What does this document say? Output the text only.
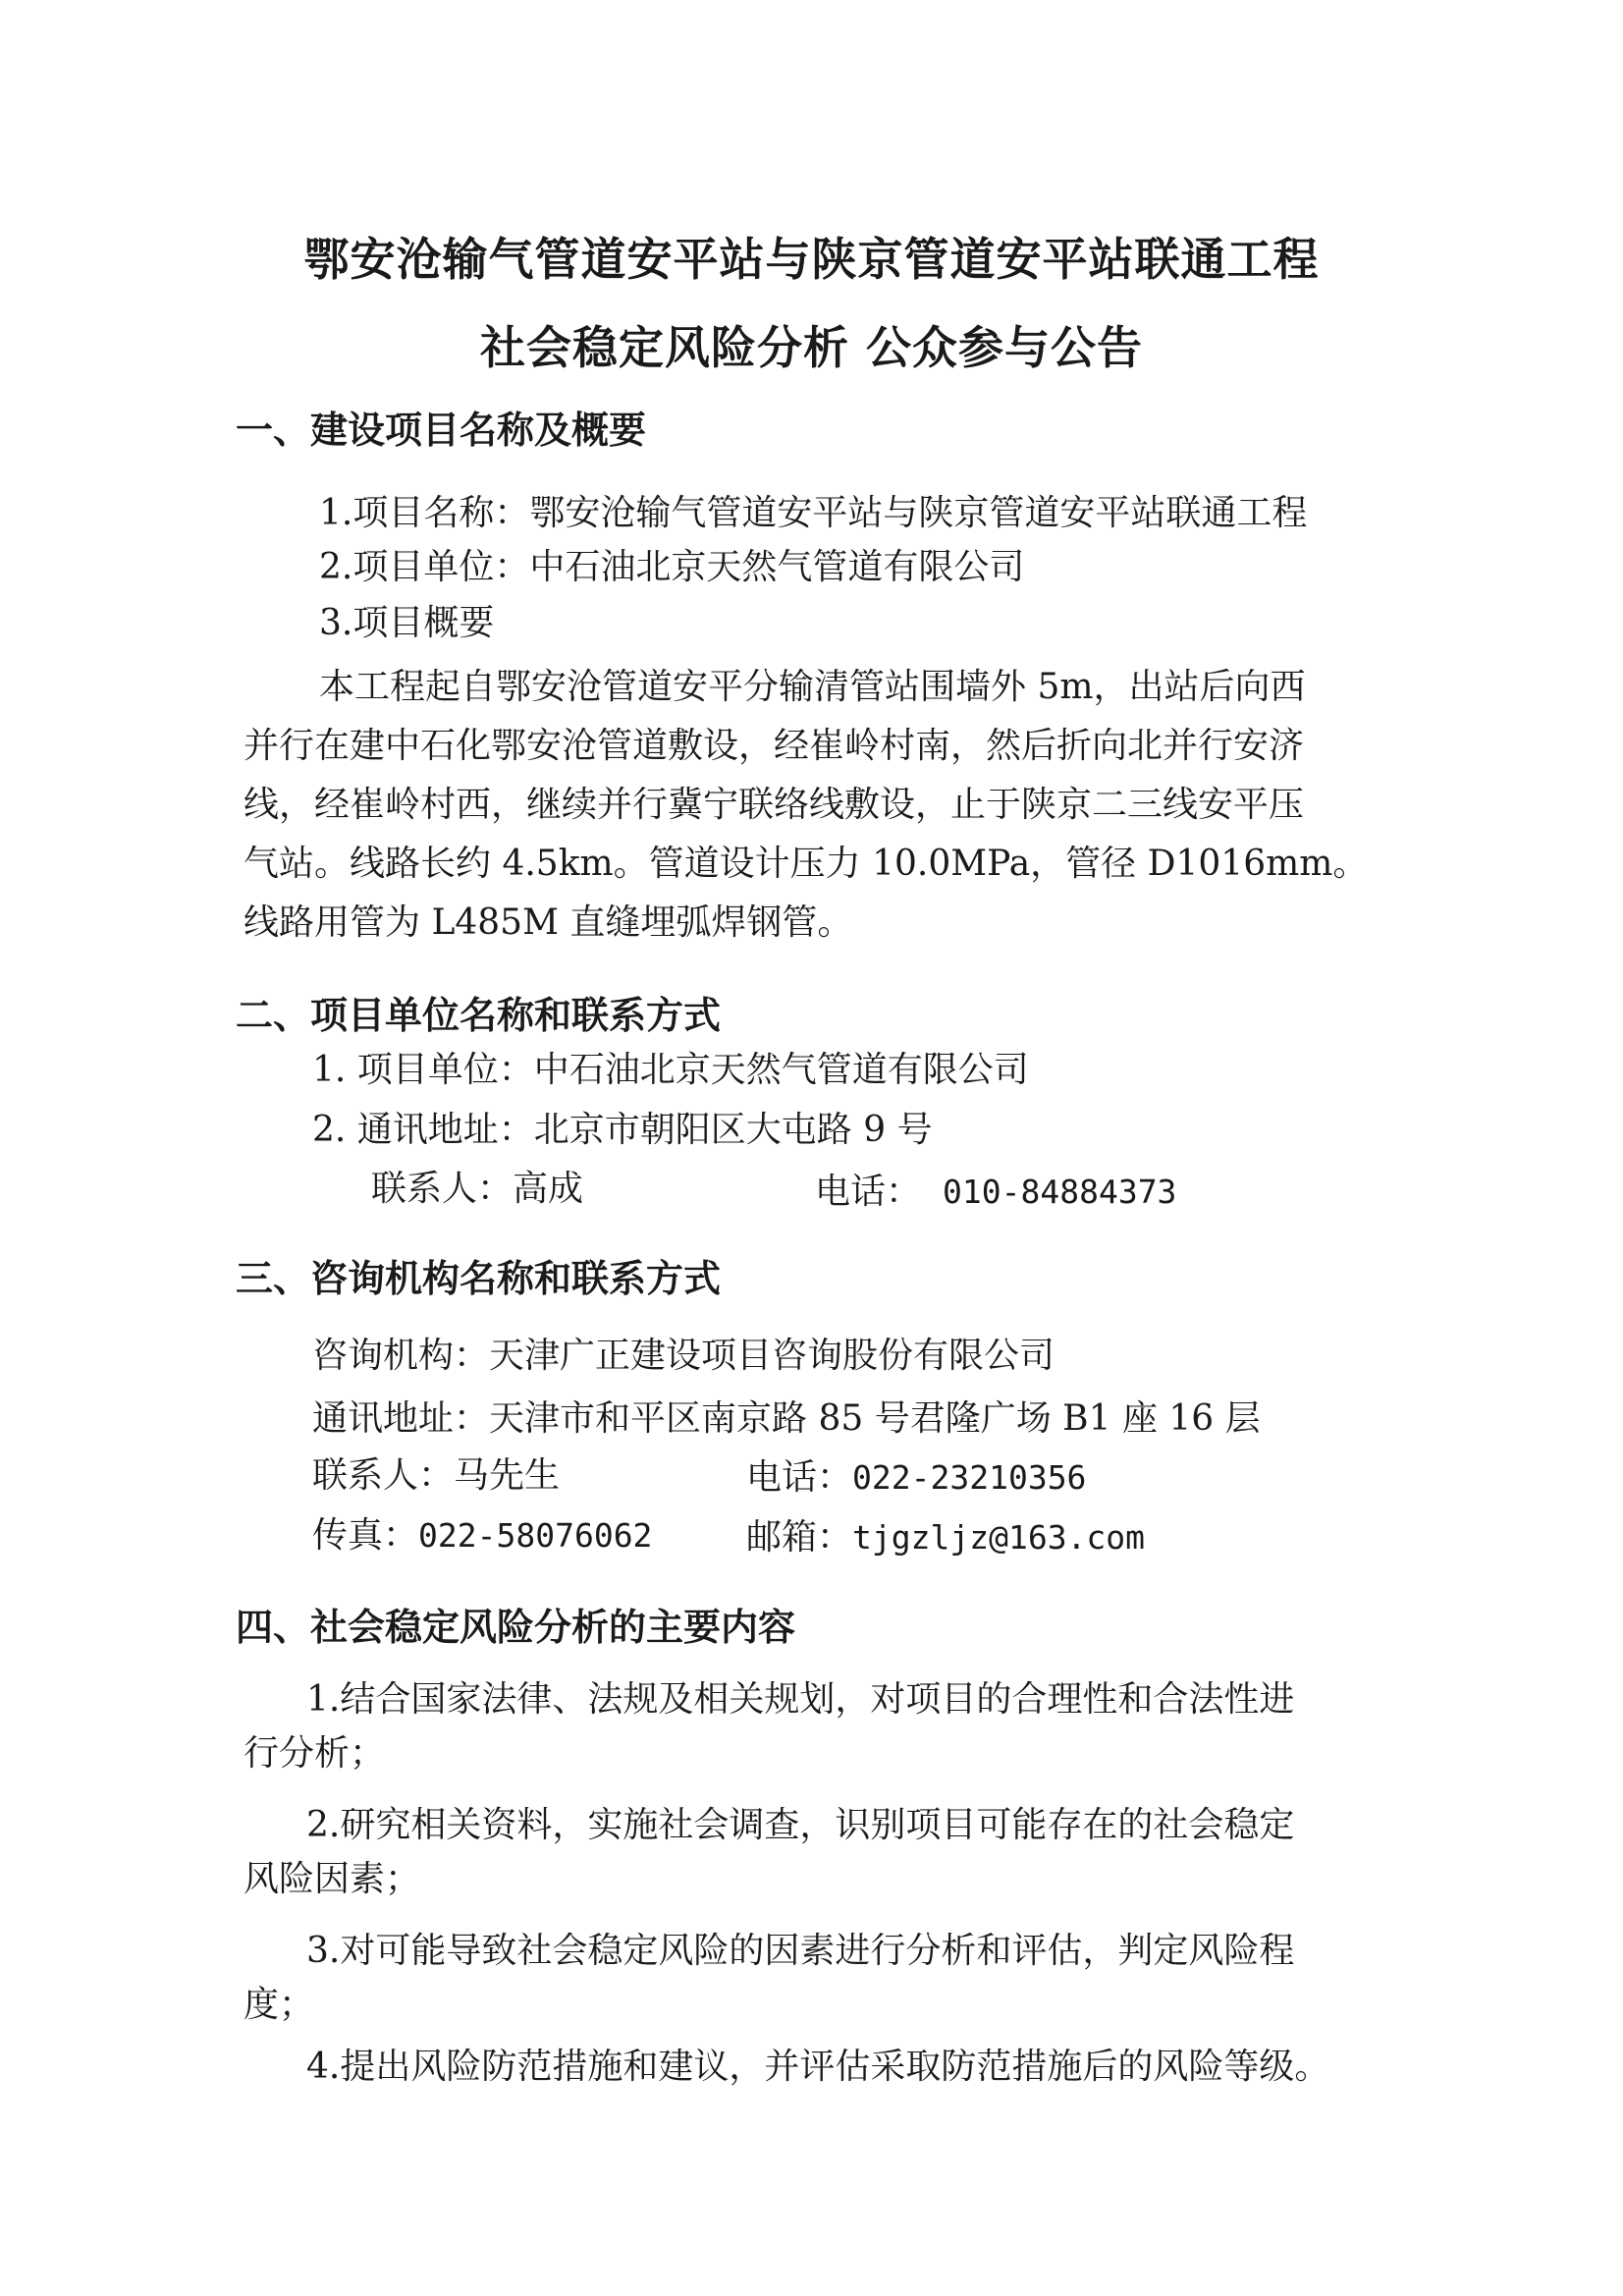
鄂安沧输气管道安平站与陕京管道安平站联通工程
社会稳定风险分析 公众参与公告
一、建设项目名称及概要
1.项目名称：鄂安沧输气管道安平站与陕京管道安平站联通工程
2.项目单位：中石油北京天然气管道有限公司
3.项目概要
本工程起自鄂安沧管道安平分输清管站围墙外 5m，出站后向西
并行在建中石化鄂安沧管道敷设，经崔岭村南，然后折向北并行安济
线，经崔岭村西，继续并行冀宁联络线敷设，止于陕京二三线安平压
气站。线路长约 4.5km。管道设计压力 10.0MPa，管径 D1016mm。
线路用管为 L485M 直缝埋弧焊钢管。
二、项目单位名称和联系方式
1. 项目单位：中石油北京天然气管道有限公司
2. 通讯地址：北京市朝阳区大屯路 9 号
联系人：高成	电话： 010-84884373
三、咨询机构名称和联系方式
咨询机构：天津广正建设项目咨询股份有限公司
通讯地址：天津市和平区南京路 85 号君隆广场 B1 座 16 层
联系人：马先生	电话：022-23210356
传真：022-58076062	邮箱：tjgzljz@163.com
四、社会稳定风险分析的主要内容
1.结合国家法律、法规及相关规划，对项目的合理性和合法性进
行分析；
2.研究相关资料，实施社会调查，识别项目可能存在的社会稳定
风险因素；
3.对可能导致社会稳定风险的因素进行分析和评估，判定风险程
度；
4.提出风险防范措施和建议，并评估采取防范措施后的风险等级。
